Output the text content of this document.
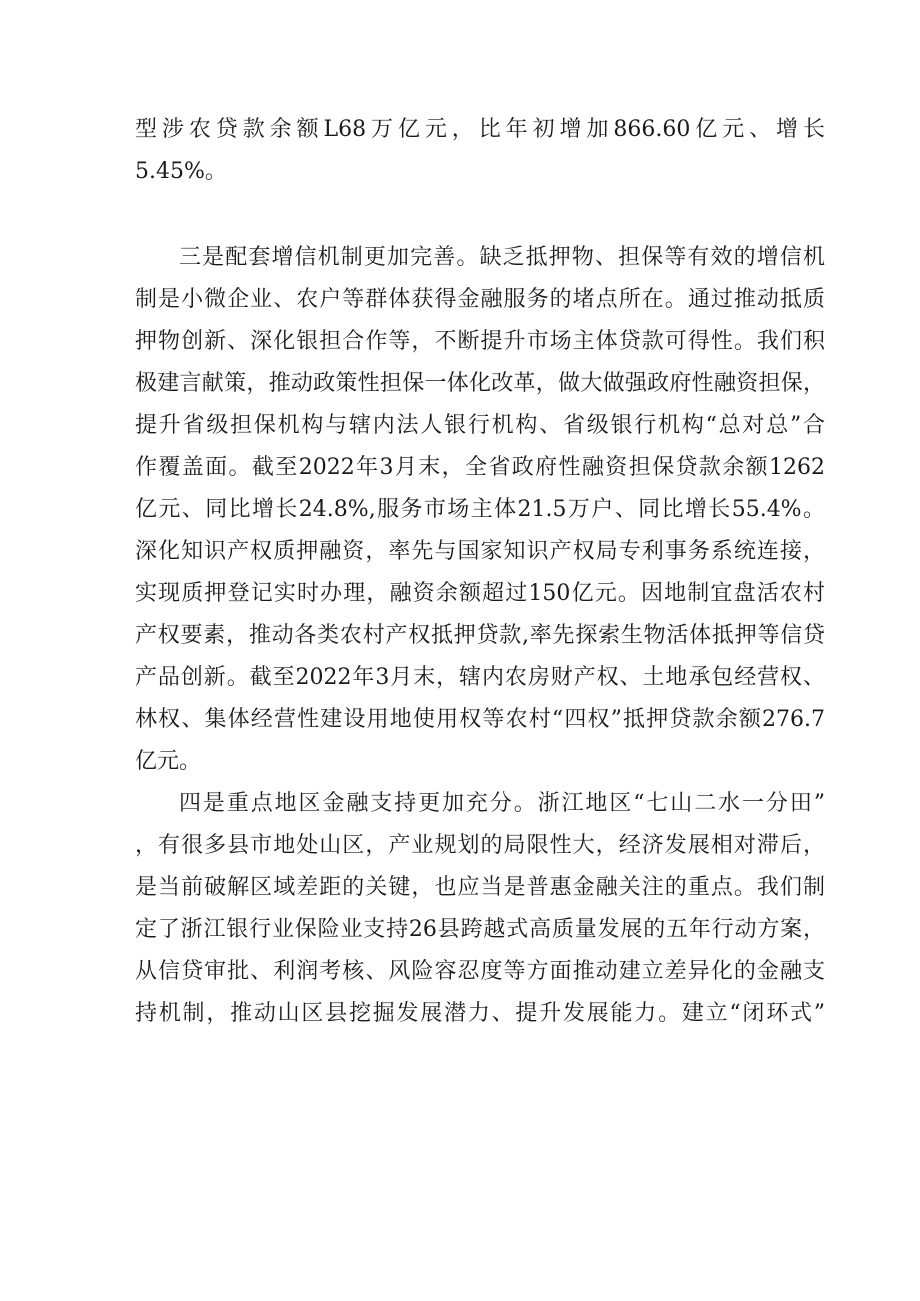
型涉农贷款余额L68万亿元，比年初增加866.60亿元、增长
5.45%。
三是配套增信机制更加完善。缺乏抵押物、担保等有效的增信机
制是小微企业、农户等群体获得金融服务的堵点所在。通过推动抵质
押物创新、深化银担合作等，不断提升市场主体贷款可得性。我们积
极建言献策，推动政策性担保一体化改革，做大做强政府性融资担保，
提升省级担保机构与辖内法人银行机构、省级银行机构“总对总”合
作覆盖面。截至2022年3月末，全省政府性融资担保贷款余额1262
亿元、同比增长24.8%,服务市场主体21.5万户、同比增长55.4%。
深化知识产权质押融资，率先与国家知识产权局专利事务系统连接，
实现质押登记实时办理，融资余额超过150亿元。因地制宜盘活农村
产权要素，推动各类农村产权抵押贷款,率先探索生物活体抵押等信贷
产品创新。截至2022年3月末，辖内农房财产权、土地承包经营权、
林权、集体经营性建设用地使用权等农村“四权”抵押贷款余额276.7
亿元。
四是重点地区金融支持更加充分。浙江地区“七山二水一分田”
，有很多县市地处山区，产业规划的局限性大，经济发展相对滞后，
是当前破解区域差距的关键，也应当是普惠金融关注的重点。我们制
定了浙江银行业保险业支持26县跨越式高质量发展的五年行动方案，
从信贷审批、利润考核、风险容忍度等方面推动建立差异化的金融支
持机制，推动山区县挖掘发展潜力、提升发展能力。建立“闭环式”
